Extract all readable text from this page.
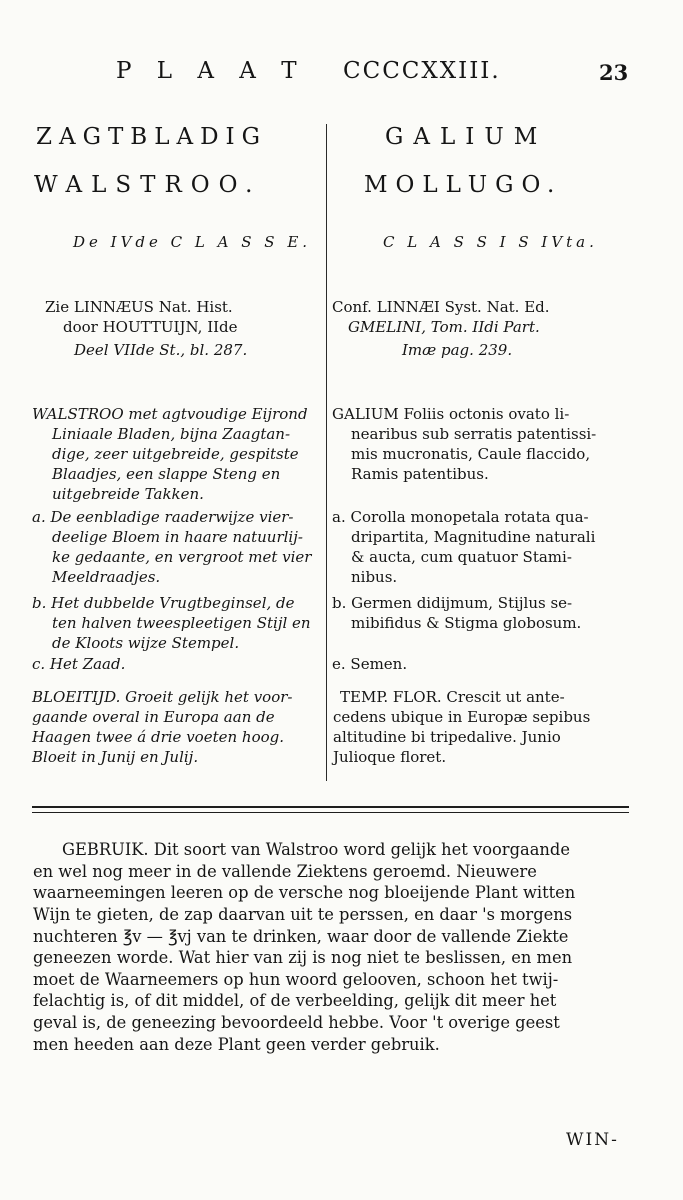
P L A A T CCCCXXIII.	23
ZAGTBLADIG
WALSTROO.
De IVde C L A S S E.
Zie LINNÆUS Nat. Hist.
door HOUTTUIJN, IIde
Deel VIIde St., bl. 287.
WALSTROO met agtvoudige Eijrond
Liniaale Bladen, bijna Zaagtan-
dige, zeer uitgebreide, gespitste
Blaadjes, een slappe Steng en
uitgebreide Takken.
a. De eenbladige raaderwijze vier-
deelige Bloem in haare natuurlij-
ke gedaante, en vergroot met vier
Meeldraadjes.
b. Het dubbelde Vrugtbeginsel, de
ten halven tweespleetigen Stijl en
de Kloots wijze Stempel.
c. Het Zaad.
BLOEITIJD. Groeit gelijk het voor-
gaande overal in Europa aan de
Haagen twee á drie voeten hoog.
Bloeit in Junij en Julij.
GALIUM
MOLLUGO.
C L A S S I S IVta.
Conf. LINNÆI Syst. Nat. Ed.
GMELINI, Tom. IIdi Part.
Imæ pag. 239.
GALIUM Foliis octonis ovato li-
nearibus sub serratis patentissi-
mis mucronatis, Caule flaccido,
Ramis patentibus.
a. Corolla monopetala rotata qua-
dripartita, Magnitudine naturali
& aucta, cum quatuor Stami-
nibus.
b. Germen didijmum, Stijlus se-
mibifidus & Stigma globosum.
e. Semen.
TEMP. FLOR. Crescit ut ante-
cedens ubique in Europæ sepibus
altitudine bi tripedalive. Junio
Julioque floret.
GEBRUIK. Dit soort van Walstroo word gelijk het voorgaande
en wel nog meer in de vallende Ziektens geroemd. Nieuwere
waarneemingen leeren op de versche nog bloeijende Plant witten
Wijn te gieten, de zap daarvan uit te perssen, en daar 's morgens
nuchteren ℥v — ℥vj van te drinken, waar door de vallende Ziekte
geneezen worde. Wat hier van zij is nog niet te beslissen, en men
moet de Waarneemers op hun woord gelooven, schoon het twij-
felachtig is, of dit middel, of de verbeelding, gelijk dit meer het
geval is, de geneezing bevoordeeld hebbe. Voor 't overige geest
men heeden aan deze Plant geen verder gebruik.
WIN-
